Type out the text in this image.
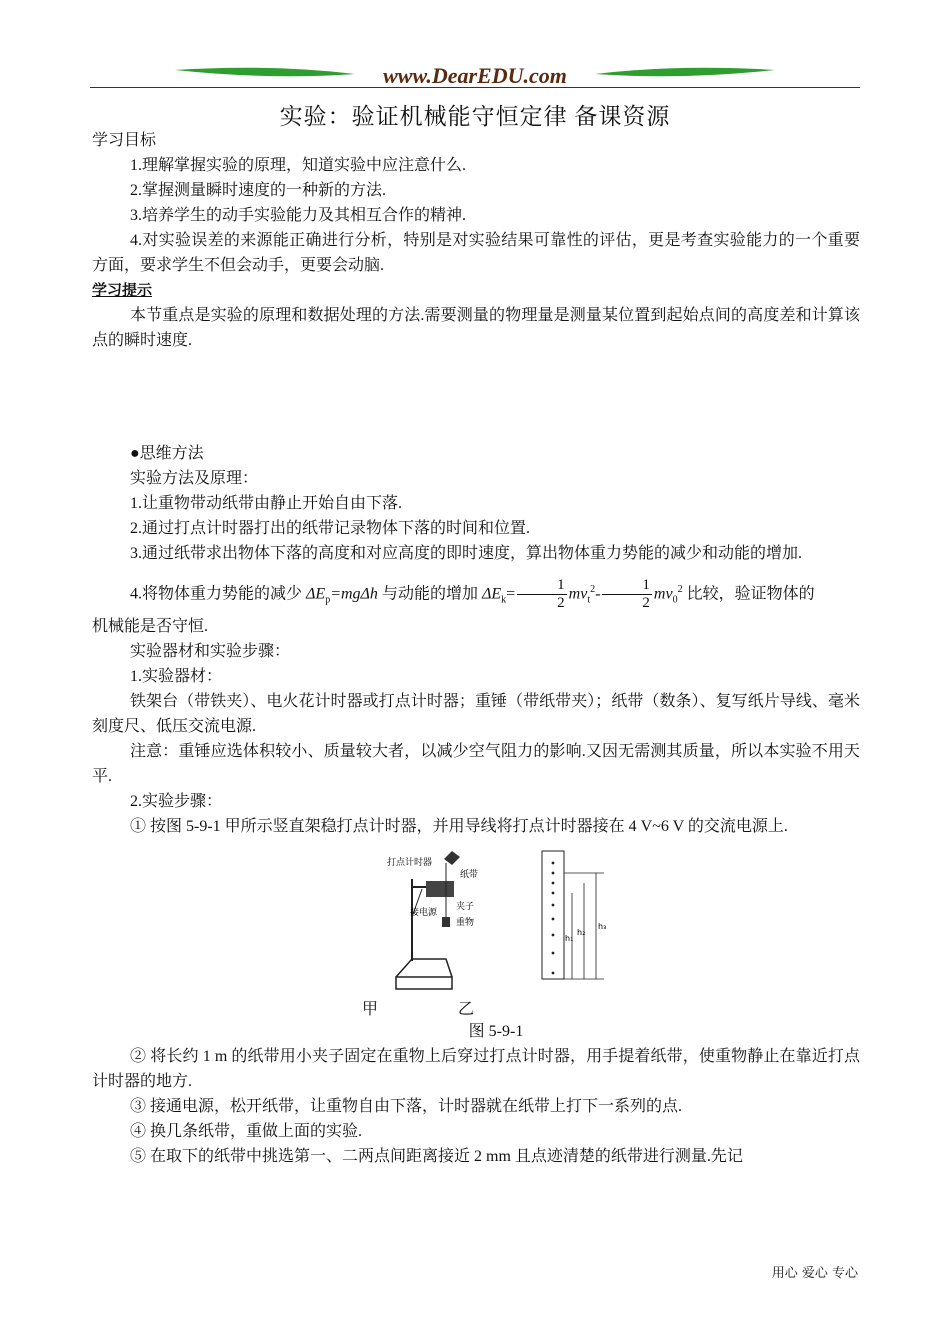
www.DearEDU.com
实验：验证机械能守恒定律 备课资源

学习目标

1.理解掌握实验的原理，知道实验中应注意什么.

2.掌握测量瞬时速度的一种新的方法.

3.培养学生的动手实验能力及其相互合作的精神.

4.对实验误差的来源能正确进行分析，特别是对实验结果可靠性的评估，更是考查实验能力的一个重要方面，要求学生不但会动手，更要会动脑.

学习提示

本节重点是实验的原理和数据处理的方法.需要测量的物理量是测量某位置到起始点间的高度差和计算该点的瞬时速度.

●思维方法

实验方法及原理：

1.让重物带动纸带由静止开始自由下落.

2.通过打点计时器打出的纸带记录物体下落的时间和位置.

3.通过纸带求出物体下落的高度和对应高度的即时速度，算出物体重力势能的减少和动能的增加.

4.将物体重力势能的减少 $\Delta E_p=mg\Delta h$ 与动能的增加 $\Delta E_k= \frac{1}{2} mv_t^2- \frac{1}{2} mv_0^2$ 比较，验证物体的

机械能是否守恒.

实验器材和实验步骤：

1.实验器材：

铁架台（带铁夹）、电火花计时器或打点计时器；重锤（带纸带夹）；纸带（数条）、复写纸片导线、毫米刻度尺、低压交流电源.

注意：重锤应选体积较小、质量较大者，以减少空气阻力的影响.又因无需测其质量，所以本实验不用天平.

2.实验步骤：

① 按图 5-9-1 甲所示竖直架稳打点计时器，并用导线将打点计时器接在 4 V~6 V 的交流电源上.

打点计时器
纸带
夹子
接电源
重物
h₁
h₂
h₃
甲	乙

图 5-9-1

② 将长约 1 m 的纸带用小夹子固定在重物上后穿过打点计时器，用手提着纸带，使重物静止在靠近打点计时器的地方.

③ 接通电源，松开纸带，让重物自由下落，计时器就在纸带上打下一系列的点.

④ 换几条纸带，重做上面的实验.

⑤ 在取下的纸带中挑选第一、二两点间距离接近 2 mm 且点迹清楚的纸带进行测量.先记

用心 爱心 专心
